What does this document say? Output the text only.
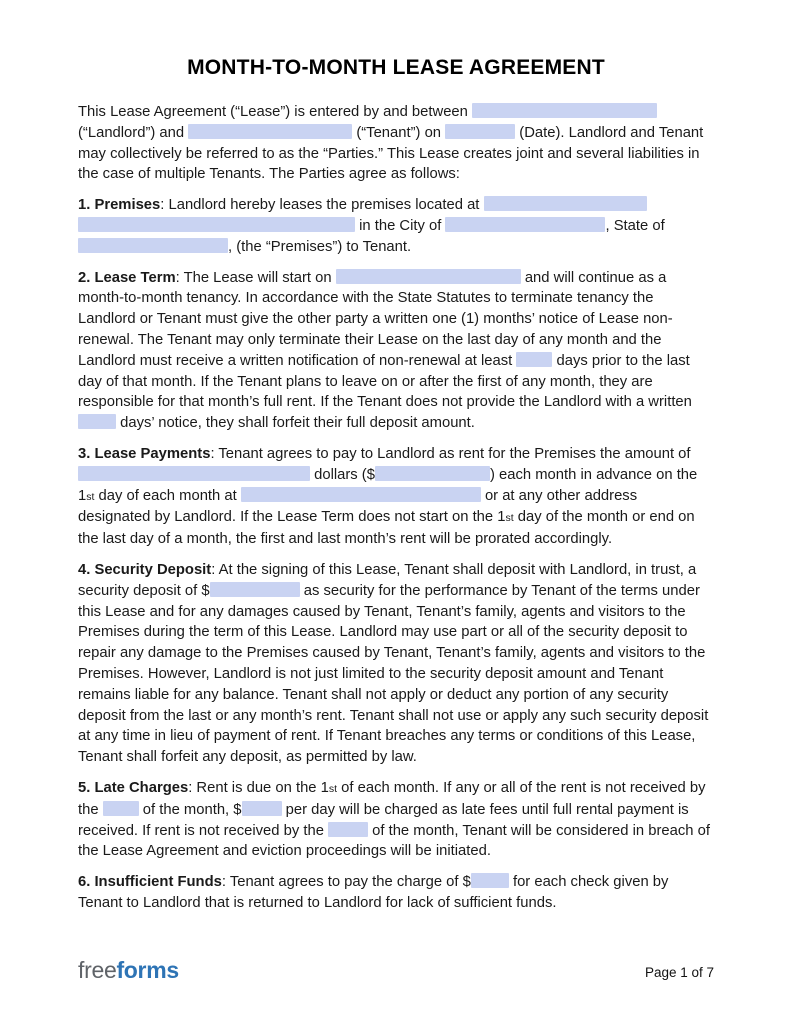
MONTH-TO-MONTH LEASE AGREEMENT

This Lease Agreement (“Lease”) is entered by and between  (“Landlord”) and	(“Tenant”) on	(Date). Landlord and Tenant may collectively be referred to as the “Parties.” This Lease creates joint and several liabilities in the case of multiple Tenants. The Parties agree as follows:

1. Premises: Landlord hereby leases the premises located at   in the City of	, State of , (the “Premises”) to Tenant.

2. Lease Term: The Lease will start on	and will continue as a month-to-month tenancy. In accordance with the State Statutes to terminate tenancy the Landlord or Tenant must give the other party a written one (1) months’ notice of Lease non-renewal. The Tenant may only terminate their Lease on the last day of any month and the Landlord must receive a written notification of non-renewal at least  days prior to the last day of that month. If the Tenant plans to leave on or after the first of any month, they are responsible for that month’s full rent. If the Tenant does not provide the Landlord with a written  days’ notice, they shall forfeit their full deposit amount.

3. Lease Payments: Tenant agrees to pay to Landlord as rent for the Premises the amount of  dollars ($	) each month in advance on the 1st day of each month at	or at any other address designated by Landlord. If the Lease Term does not start on the 1st day of the month or end on the last day of a month, the first and last month’s rent will be prorated accordingly.

4. Security Deposit: At the signing of this Lease, Tenant shall deposit with Landlord, in trust, a security deposit of $	as security for the performance by Tenant of the terms under this Lease and for any damages caused by Tenant, Tenant’s family, agents and visitors to the Premises during the term of this Lease. Landlord may use part or all of the security deposit to repair any damage to the Premises caused by Tenant, Tenant’s family, agents and visitors to the Premises. However, Landlord is not just limited to the security deposit amount and Tenant remains liable for any balance. Tenant shall not apply or deduct any portion of any security deposit from the last or any month’s rent. Tenant shall not use or apply any such security deposit at any time in lieu of payment of rent. If Tenant breaches any terms or conditions of this Lease, Tenant shall forfeit any deposit, as permitted by law.

5. Late Charges: Rent is due on the 1st of each month. If any or all of the rent is not received by the  of the month, $	per day will be charged as late fees until full rental payment is received. If rent is not received by the	of the month, Tenant will be considered in breach of the Lease Agreement and eviction proceedings will be initiated.

6. Insufficient Funds: Tenant agrees to pay the charge of $	for each check given by Tenant to Landlord that is returned to Landlord for lack of sufficient funds.

freeforms	Page 1 of 7
